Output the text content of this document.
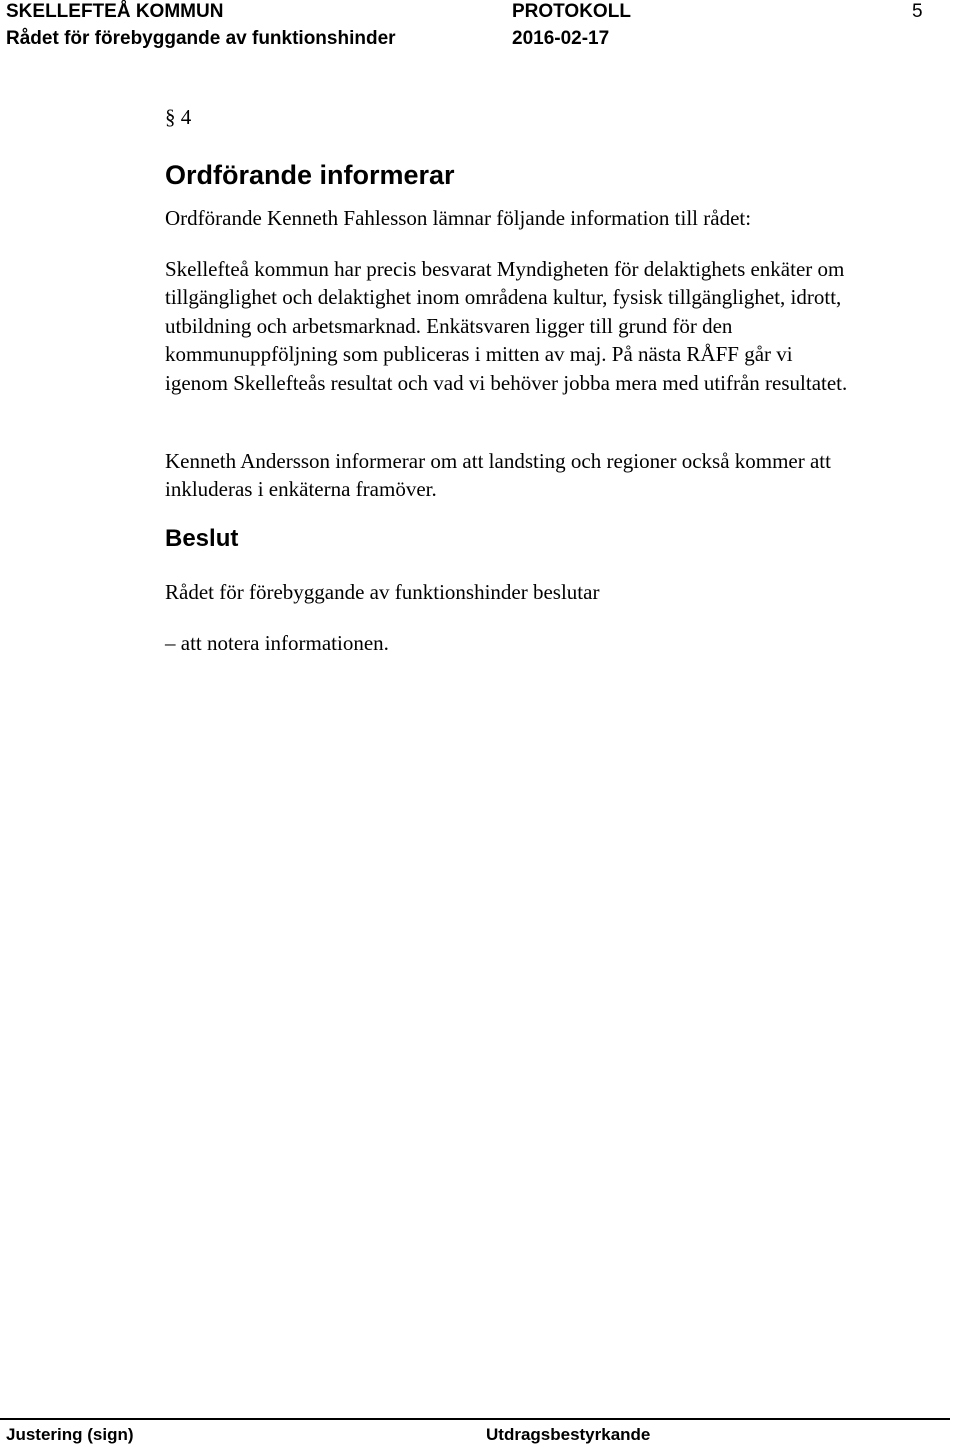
SKELLEFTEÅ KOMMUN
Rådet för förebyggande av funktionshinder
PROTOKOLL
2016-02-17
5
§ 4
Ordförande informerar

Ordförande Kenneth Fahlesson lämnar följande information till rådet:

Skellefteå kommun har precis besvarat Myndigheten för delaktighets enkäter om tillgänglighet och delaktighet inom områdena kultur, fysisk tillgänglighet, idrott, utbildning och arbetsmarknad. Enkätsvaren ligger till grund för den kommunuppföljning som publiceras i mitten av maj. På nästa RÅFF går vi igenom Skellefteås resultat och vad vi behöver jobba mera med utifrån resultatet.

Kenneth Andersson informerar om att landsting och regioner också kommer att inkluderas i enkäterna framöver.

Beslut
Rådet för förebyggande av funktionshinder beslutar
– att notera informationen.
Justering (sign)	Utdragsbestyrkande
